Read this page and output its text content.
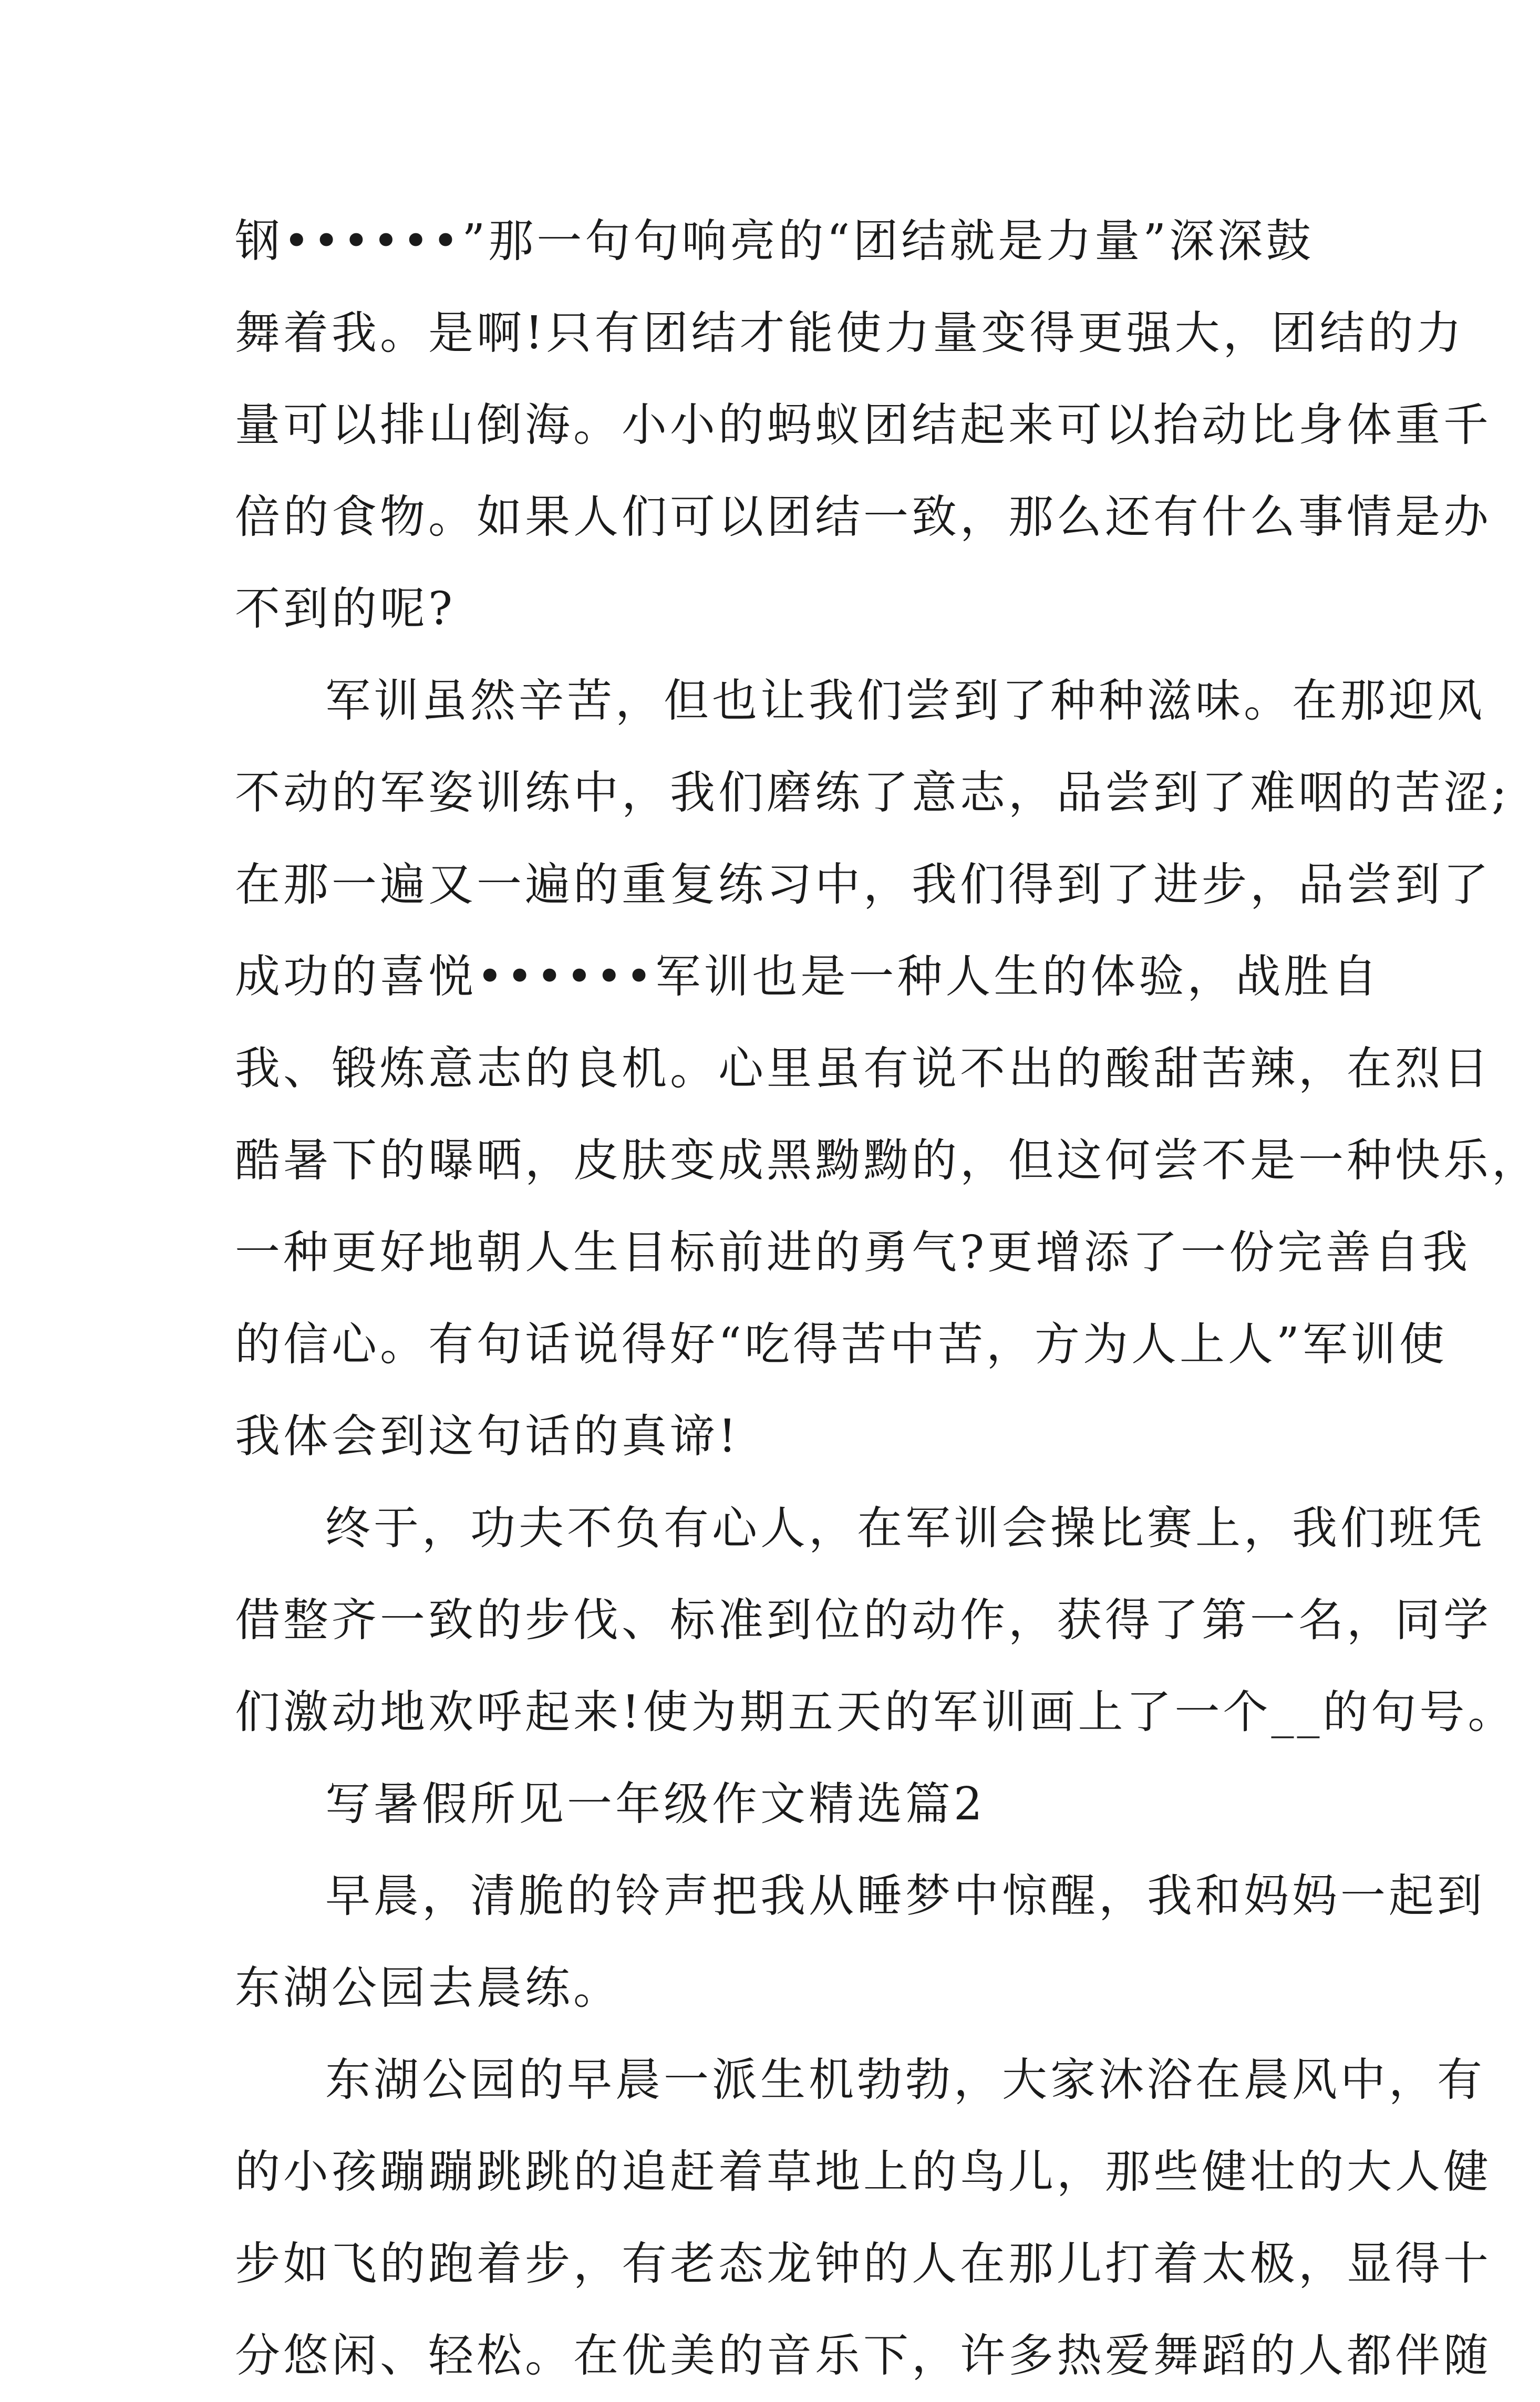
钢••••••”那一句句响亮的“团结就是力量”深深鼓
舞着我。是啊!只有团结才能使力量变得更强大，团结的力
量可以排山倒海。小小的蚂蚁团结起来可以抬动比身体重千
倍的食物。如果人们可以团结一致，那么还有什么事情是办
不到的呢?
军训虽然辛苦，但也让我们尝到了种种滋味。在那迎风
不动的军姿训练中，我们磨练了意志，品尝到了难咽的苦涩;
在那一遍又一遍的重复练习中，我们得到了进步，品尝到了
成功的喜悦••••••军训也是一种人生的体验，战胜自
我、锻炼意志的良机。心里虽有说不出的酸甜苦辣，在烈日
酷暑下的曝晒，皮肤变成黑黝黝的，但这何尝不是一种快乐，
一种更好地朝人生目标前进的勇气?更增添了一份完善自我
的信心。有句话说得好“吃得苦中苦，方为人上人”军训使
我体会到这句话的真谛!
终于，功夫不负有心人，在军训会操比赛上，我们班凭
借整齐一致的步伐、标准到位的动作，获得了第一名，同学
们激动地欢呼起来!使为期五天的军训画上了一个__的句号。
写暑假所见一年级作文精选篇2
早晨，清脆的铃声把我从睡梦中惊醒，我和妈妈一起到
东湖公园去晨练。
东湖公园的早晨一派生机勃勃，大家沐浴在晨风中，有
的小孩蹦蹦跳跳的追赶着草地上的鸟儿，那些健壮的大人健
步如飞的跑着步，有老态龙钟的人在那儿打着太极，显得十
分悠闲、轻松。在优美的音乐下，许多热爱舞蹈的人都伴随
